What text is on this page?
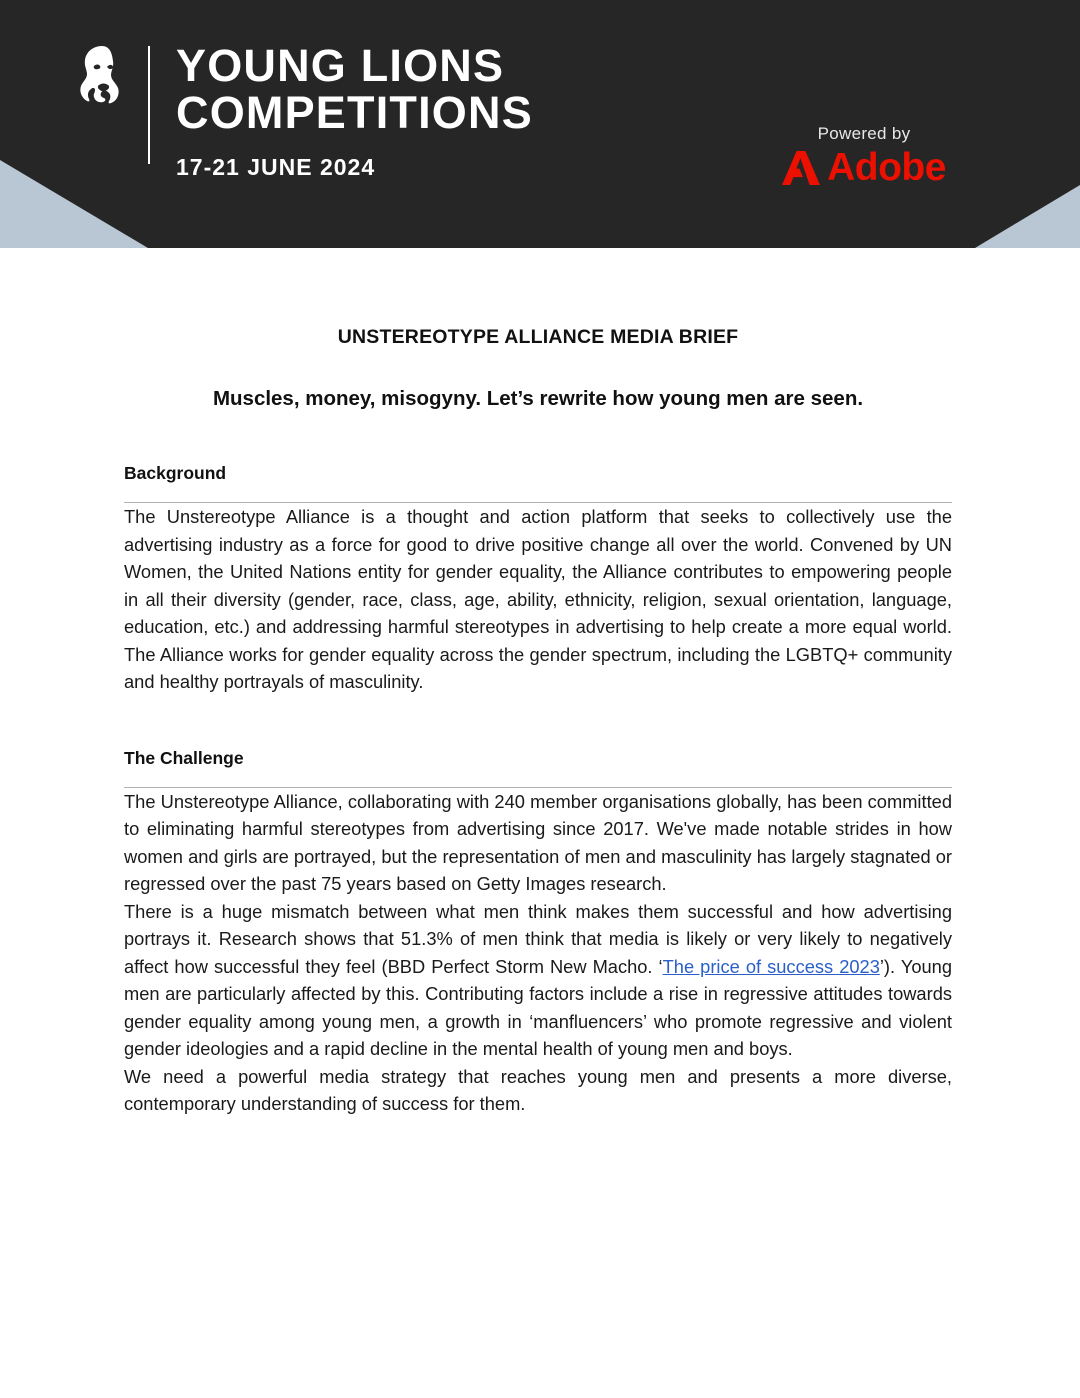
YOUNG LIONS
COMPETITIONS
17-21 JUNE 2024
Powered by
Adobe
UNSTEREOTYPE ALLIANCE MEDIA BRIEF
Muscles, money, misogyny. Let’s rewrite how young men are seen.
Background

The Unstereotype Alliance is a thought and action platform that seeks to collectively use the advertising industry as a force for good to drive positive change all over the world. Convened by UN Women, the United Nations entity for gender equality, the Alliance contributes to empowering people in all their diversity (gender, race, class, age, ability, ethnicity, religion, sexual orientation, language, education, etc.) and addressing harmful stereotypes in advertising to help create a more equal world. The Alliance works for gender equality across the gender spectrum, including the LGBTQ+ community and healthy portrayals of masculinity.

The Challenge

The Unstereotype Alliance, collaborating with 240 member organisations globally, has been committed to eliminating harmful stereotypes from advertising since 2017. We've made notable strides in how women and girls are portrayed, but the representation of men and masculinity has largely stagnated or regressed over the past 75 years based on Getty Images research.

There is a huge mismatch between what men think makes them successful and how advertising portrays it. Research shows that 51.3% of men think that media is likely or very likely to negatively affect how successful they feel (BBD Perfect Storm New Macho. ‘The price of success 2023’). Young men are particularly affected by this. Contributing factors include a rise in regressive attitudes towards gender equality among young men, a growth in ‘manfluencers’ who promote regressive and violent gender ideologies and a rapid decline in the mental health of young men and boys.

We need a powerful media strategy that reaches young men and presents a more diverse, contemporary understanding of success for them.
